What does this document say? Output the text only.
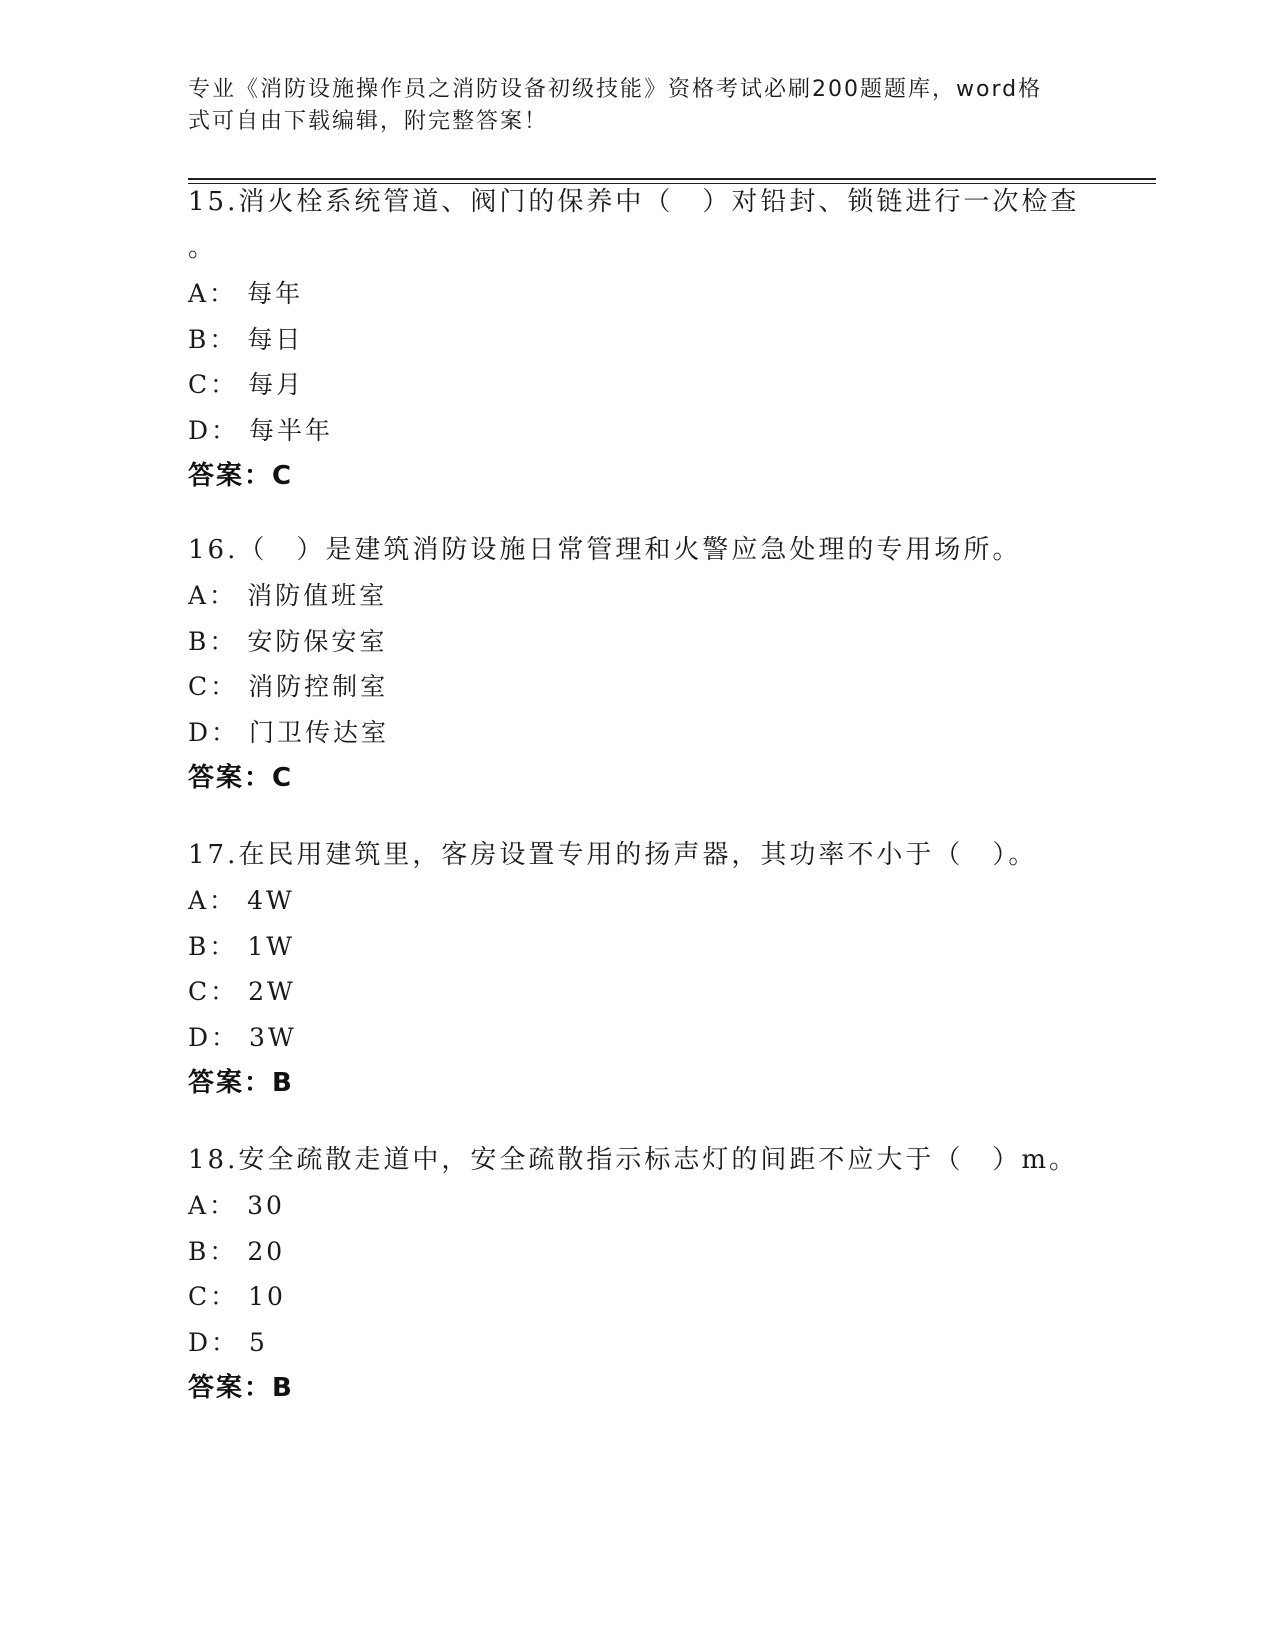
专业《消防设施操作员之消防设备初级技能》资格考试必刷200题题库，word格
式可自由下载编辑，附完整答案！
15.消火栓系统管道、阀门的保养中（　）对铅封、锁链进行一次检查
。
A： 每年
B： 每日
C： 每月
D： 每半年
答案：C
16.（　）是建筑消防设施日常管理和火警应急处理的专用场所。
A： 消防值班室
B： 安防保安室
C： 消防控制室
D： 门卫传达室
答案：C
17.在民用建筑里，客房设置专用的扬声器，其功率不小于（　）。
A： 4W
B： 1W
C： 2W
D： 3W
答案：B
18.安全疏散走道中，安全疏散指示标志灯的间距不应大于（　）m。
A： 30
B： 20
C： 10
D： 5
答案：B
